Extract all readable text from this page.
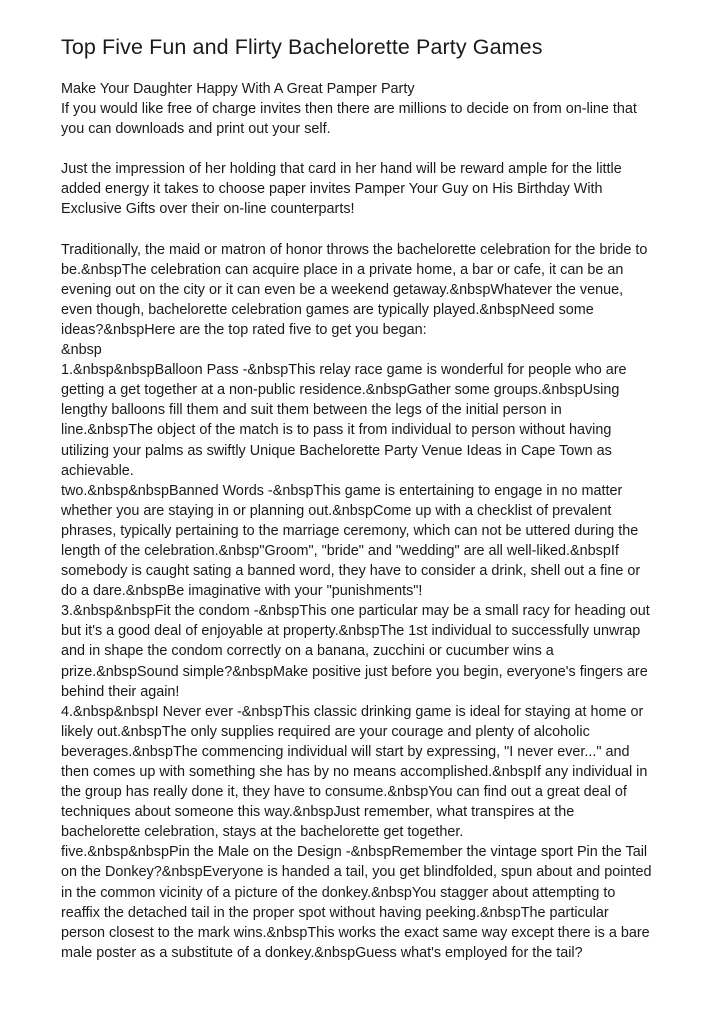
Top Five Fun and Flirty Bachelorette Party Games

Make Your Daughter Happy With A Great Pamper Party
If you would like free of charge invites then there are millions to decide on from on-line that
you can downloads and print out your self.

Just the impression of her holding that card in her hand will be reward ample for the little
added energy it takes to choose paper invites Pamper Your Guy on His Birthday With
Exclusive Gifts over their on-line counterparts!

Traditionally, the maid or matron of honor throws the bachelorette celebration for the bride to
be.&nbspThe celebration can acquire place in a private home, a bar or cafe, it can be an
evening out on the city or it can even be a weekend getaway.&nbspWhatever the venue,
even though, bachelorette celebration games are typically played.&nbspNeed some
ideas?&nbspHere are the top rated five to get you began:
&nbsp
1.&nbsp&nbspBalloon Pass -&nbspThis relay race game is wonderful for people who are
getting a get together at a non-public residence.&nbspGather some groups.&nbspUsing
lengthy balloons fill them and suit them between the legs of the initial person in
line.&nbspThe object of the match is to pass it from individual to person without having
utilizing your palms as swiftly Unique Bachelorette Party Venue Ideas in Cape Town as
achievable.
two.&nbsp&nbspBanned Words -&nbspThis game is entertaining to engage in no matter
whether you are staying in or planning out.&nbspCome up with a checklist of prevalent
phrases, typically pertaining to the marriage ceremony, which can not be uttered during the
length of the celebration.&nbsp"Groom", "bride" and "wedding" are all well-liked.&nbspIf
somebody is caught sating a banned word, they have to consider a drink, shell out a fine or
do a dare.&nbspBe imaginative with your "punishments"!
3.&nbsp&nbspFit the condom -&nbspThis one particular may be a small racy for heading out
but it's a good deal of enjoyable at property.&nbspThe 1st individual to successfully unwrap
and in shape the condom correctly on a banana, zucchini or cucumber wins a
prize.&nbspSound simple?&nbspMake positive just before you begin, everyone's fingers are
behind their again!
4.&nbsp&nbspI Never ever -&nbspThis classic drinking game is ideal for staying at home or
likely out.&nbspThe only supplies required are your courage and plenty of alcoholic
beverages.&nbspThe commencing individual will start by expressing, "I never ever..." and
then comes up with something she has by no means accomplished.&nbspIf any individual in
the group has really done it, they have to consume.&nbspYou can find out a great deal of
techniques about someone this way.&nbspJust remember, what transpires at the
bachelorette celebration, stays at the bachelorette get together.
five.&nbsp&nbspPin the Male on the Design -&nbspRemember the vintage sport Pin the Tail
on the Donkey?&nbspEveryone is handed a tail, you get blindfolded, spun about and pointed
in the common vicinity of a picture of the donkey.&nbspYou stagger about attempting to
reaffix the detached tail in the proper spot without having peeking.&nbspThe particular
person closest to the mark wins.&nbspThis works the exact same way except there is a bare
male poster as a substitute of a donkey.&nbspGuess what's employed for the tail?
